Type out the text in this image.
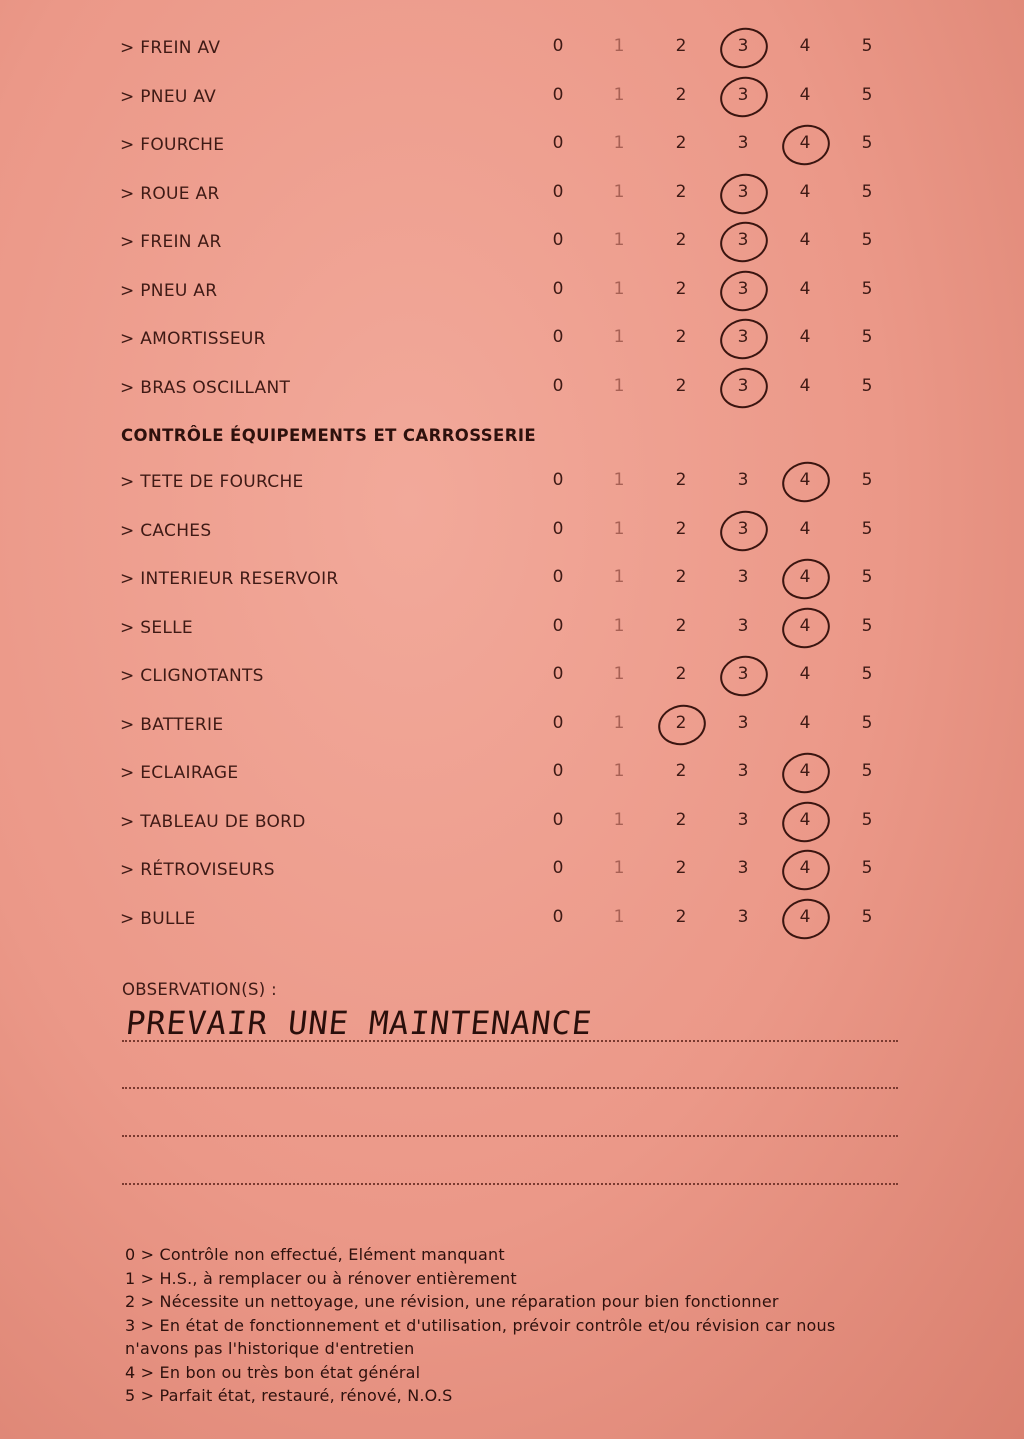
> FREIN AV	0	1	2	3	4	5
> PNEU AV	0	1	2	3	4	5
> FOURCHE	0	1	2	3	4	5
> ROUE AR	0	1	2	3	4	5
> FREIN AR	0	1	2	3	4	5
> PNEU AR	0	1	2	3	4	5
> AMORTISSEUR	0	1	2	3	4	5
> BRAS OSCILLANT	0	1	2	3	4	5
CONTRÔLE ÉQUIPEMENTS ET CARROSSERIE
> TETE DE FOURCHE	0	1	2	3	4	5
> CACHES	0	1	2	3	4	5
> INTERIEUR RESERVOIR	0	1	2	3	4	5
> SELLE	0	1	2	3	4	5
> CLIGNOTANTS	0	1	2	3	4	5
> BATTERIE	0	1	2	3	4	5
> ECLAIRAGE	0	1	2	3	4	5
> TABLEAU DE BORD	0	1	2	3	4	5
> RÉTROVISEURS	0	1	2	3	4	5
> BULLE	0	1	2	3	4	5
OBSERVATION(S) :
PREVAIR UNE MAINTENANCE
0 > Contrôle non effectué, Elément manquant
1 > H.S., à remplacer ou à rénover entièrement
2 > Nécessite un nettoyage, une révision, une réparation pour bien fonctionner
3 > En état de fonctionnement et d'utilisation, prévoir contrôle et/ou révision car nous
n'avons pas l'historique d'entretien
4 > En bon ou très bon état général
5 > Parfait état, restauré, rénové, N.O.S
